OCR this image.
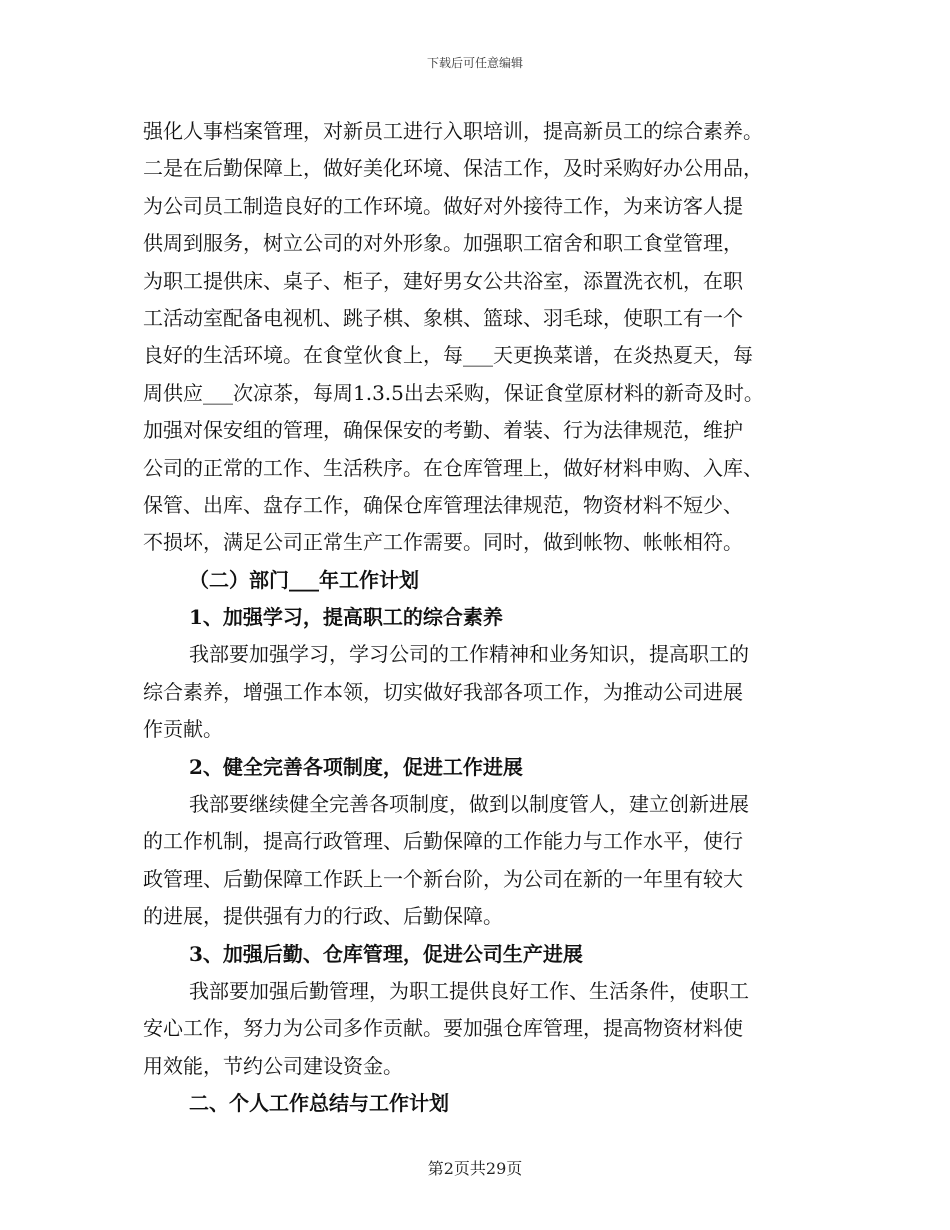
下载后可任意编辑
强化人事档案管理，对新员工进行入职培训，提高新员工的综合素养。
二是在后勤保障上，做好美化环境、保洁工作，及时采购好办公用品，
为公司员工制造良好的工作环境。做好对外接待工作，为来访客人提
供周到服务，树立公司的对外形象。加强职工宿舍和职工食堂管理，
为职工提供床、桌子、柜子，建好男女公共浴室，添置洗衣机，在职
工活动室配备电视机、跳子棋、象棋、篮球、羽毛球，使职工有一个
良好的生活环境。在食堂伙食上，每___天更换菜谱，在炎热夏天，每
周供应___次凉茶，每周1.3.5出去采购，保证食堂原材料的新奇及时。
加强对保安组的管理，确保保安的考勤、着装、行为法律规范，维护
公司的正常的工作、生活秩序。在仓库管理上，做好材料申购、入库、
保管、出库、盘存工作，确保仓库管理法律规范，物资材料不短少、
不损坏，满足公司正常生产工作需要。同时，做到帐物、帐帐相符。
（二）部门___年工作计划
1、加强学习，提高职工的综合素养
我部要加强学习，学习公司的工作精神和业务知识，提高职工的
综合素养，增强工作本领，切实做好我部各项工作，为推动公司进展
作贡献。
2、健全完善各项制度，促进工作进展
我部要继续健全完善各项制度，做到以制度管人，建立创新进展
的工作机制，提高行政管理、后勤保障的工作能力与工作水平，使行
政管理、后勤保障工作跃上一个新台阶，为公司在新的一年里有较大
的进展，提供强有力的行政、后勤保障。
3、加强后勤、仓库管理，促进公司生产进展
我部要加强后勤管理，为职工提供良好工作、生活条件，使职工
安心工作，努力为公司多作贡献。要加强仓库管理，提高物资材料使
用效能，节约公司建设资金。
二、个人工作总结与工作计划
第2页共29页
